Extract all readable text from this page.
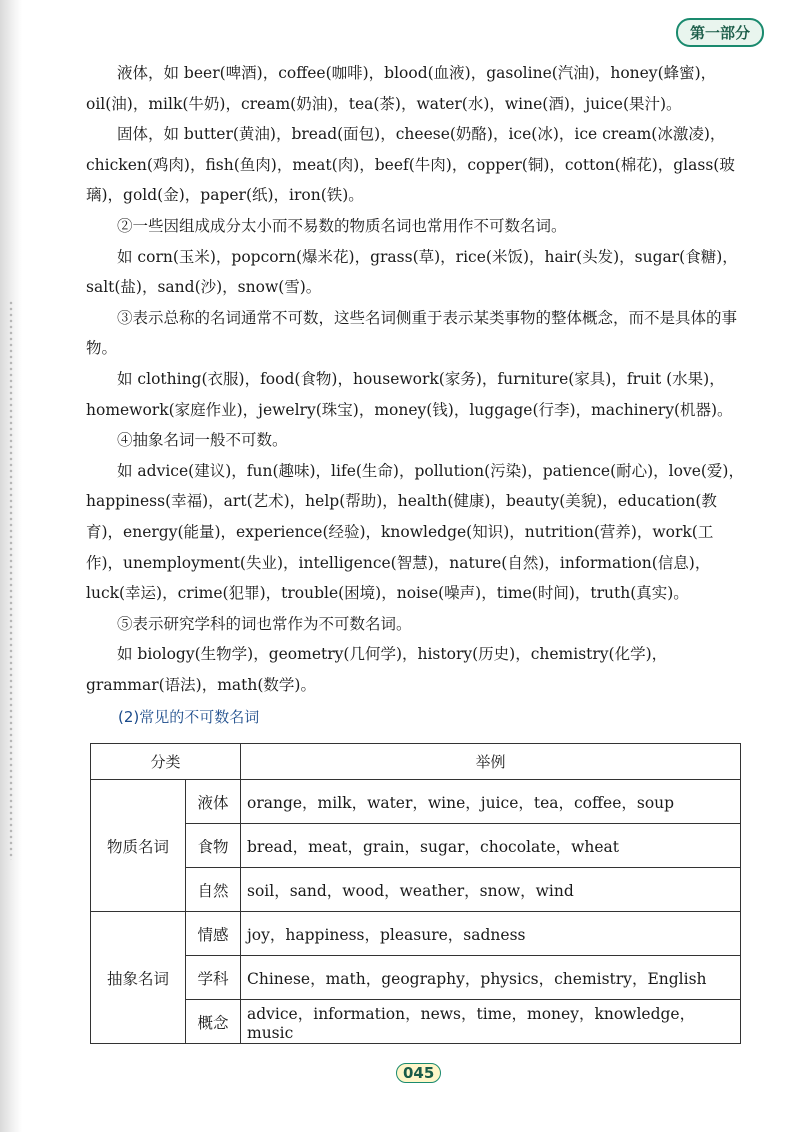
第一部分

液体，如 beer(啤酒)，coffee(咖啡)，blood(血液)，gasoline(汽油)，honey(蜂蜜)，oil(油)，milk(牛奶)，cream(奶油)，tea(茶)，water(水)，wine(酒)，juice(果汁)。

固体，如 butter(黄油)，bread(面包)，cheese(奶酪)，ice(冰)，ice cream(冰激凌)，chicken(鸡肉)，fish(鱼肉)，meat(肉)，beef(牛肉)，copper(铜)，cotton(棉花)，glass(玻璃)，gold(金)，paper(纸)，iron(铁)。

②一些因组成成分太小而不易数的物质名词也常用作不可数名词。

如 corn(玉米)，popcorn(爆米花)，grass(草)，rice(米饭)，hair(头发)，sugar(食糖)，salt(盐)，sand(沙)，snow(雪)。

③表示总称的名词通常不可数，这些名词侧重于表示某类事物的整体概念，而不是具体的事物。

如 clothing(衣服)，food(食物)，housework(家务)，furniture(家具)，fruit (水果)，homework(家庭作业)，jewelry(珠宝)，money(钱)，luggage(行李)，machinery(机器)。

④抽象名词一般不可数。

如 advice(建议)，fun(趣味)，life(生命)，pollution(污染)，patience(耐心)，love(爱)，happiness(幸福)，art(艺术)，help(帮助)，health(健康)，beauty(美貌)，education(教育)，energy(能量)，experience(经验)，knowledge(知识)，nutrition(营养)，work(工作)，unemployment(失业)，intelligence(智慧)，nature(自然)，information(信息)，luck(幸运)，crime(犯罪)，trouble(困境)，noise(噪声)，time(时间)，truth(真实)。

⑤表示研究学科的词也常作为不可数名词。

如 biology(生物学)，geometry(几何学)，history(历史)，chemistry(化学)，grammar(语法)，math(数学)。

(2)常见的不可数名词
分类		举例
物质名词	液体	orange，milk，water，wine，juice，tea，coffee，soup
	食物	bread，meat，grain，sugar，chocolate，wheat
	自然	soil，sand，wood，weather，snow，wind
抽象名词	情感	joy，happiness，pleasure，sadness
	学科	Chinese，math，geography，physics，chemistry，English
	概念	advice，information，news，time，money，knowledge，music
045
